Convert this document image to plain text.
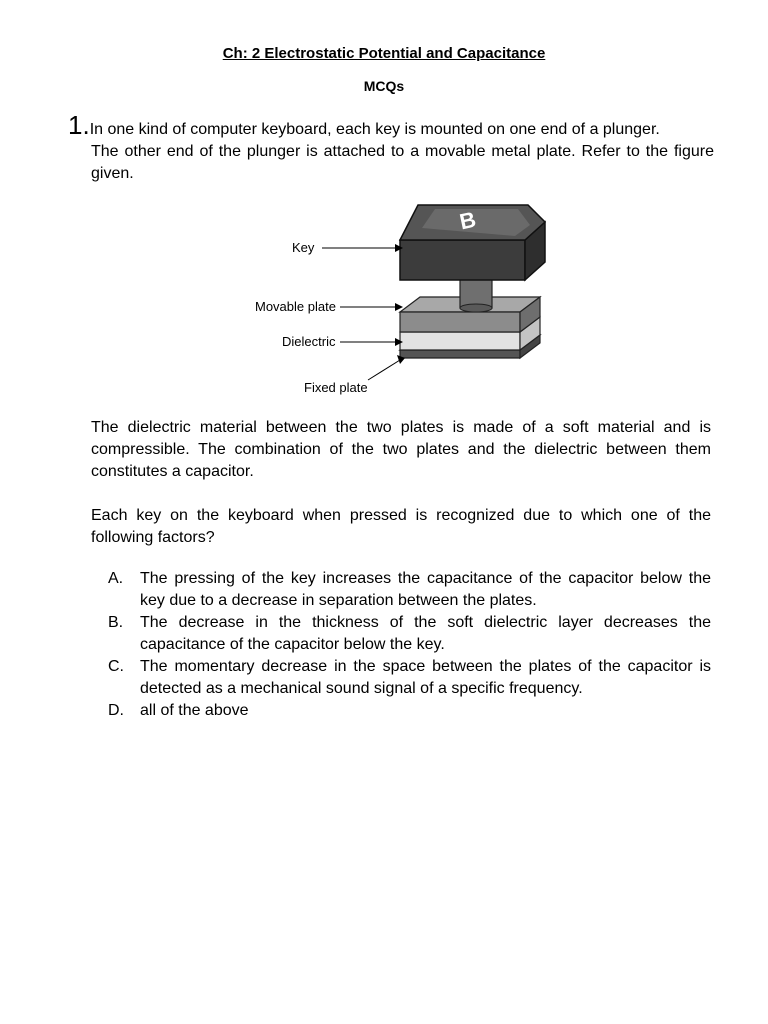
Ch: 2 Electrostatic Potential and Capacitance
MCQs
1.In one kind of computer keyboard, each key is mounted on one end of a plunger.
The other end of the plunger is attached to a movable metal plate. Refer to the figure given.
B
Key
Movable plate
Dielectric
Fixed plate
The dielectric material between the two plates is made of a soft material and is compressible. The combination of the two plates and the dielectric between them constitutes a capacitor.
Each key on the keyboard when pressed is recognized due to which one of the following factors?
A.	The pressing of the key increases the capacitance of the capacitor below the key due to a decrease in separation between the plates.
B.	The decrease in the thickness of the soft dielectric layer decreases the capacitance of the capacitor below the key.
C.	The momentary decrease in the space between the plates of the capacitor is detected as a mechanical sound signal of a specific frequency.
D.	all of the above
